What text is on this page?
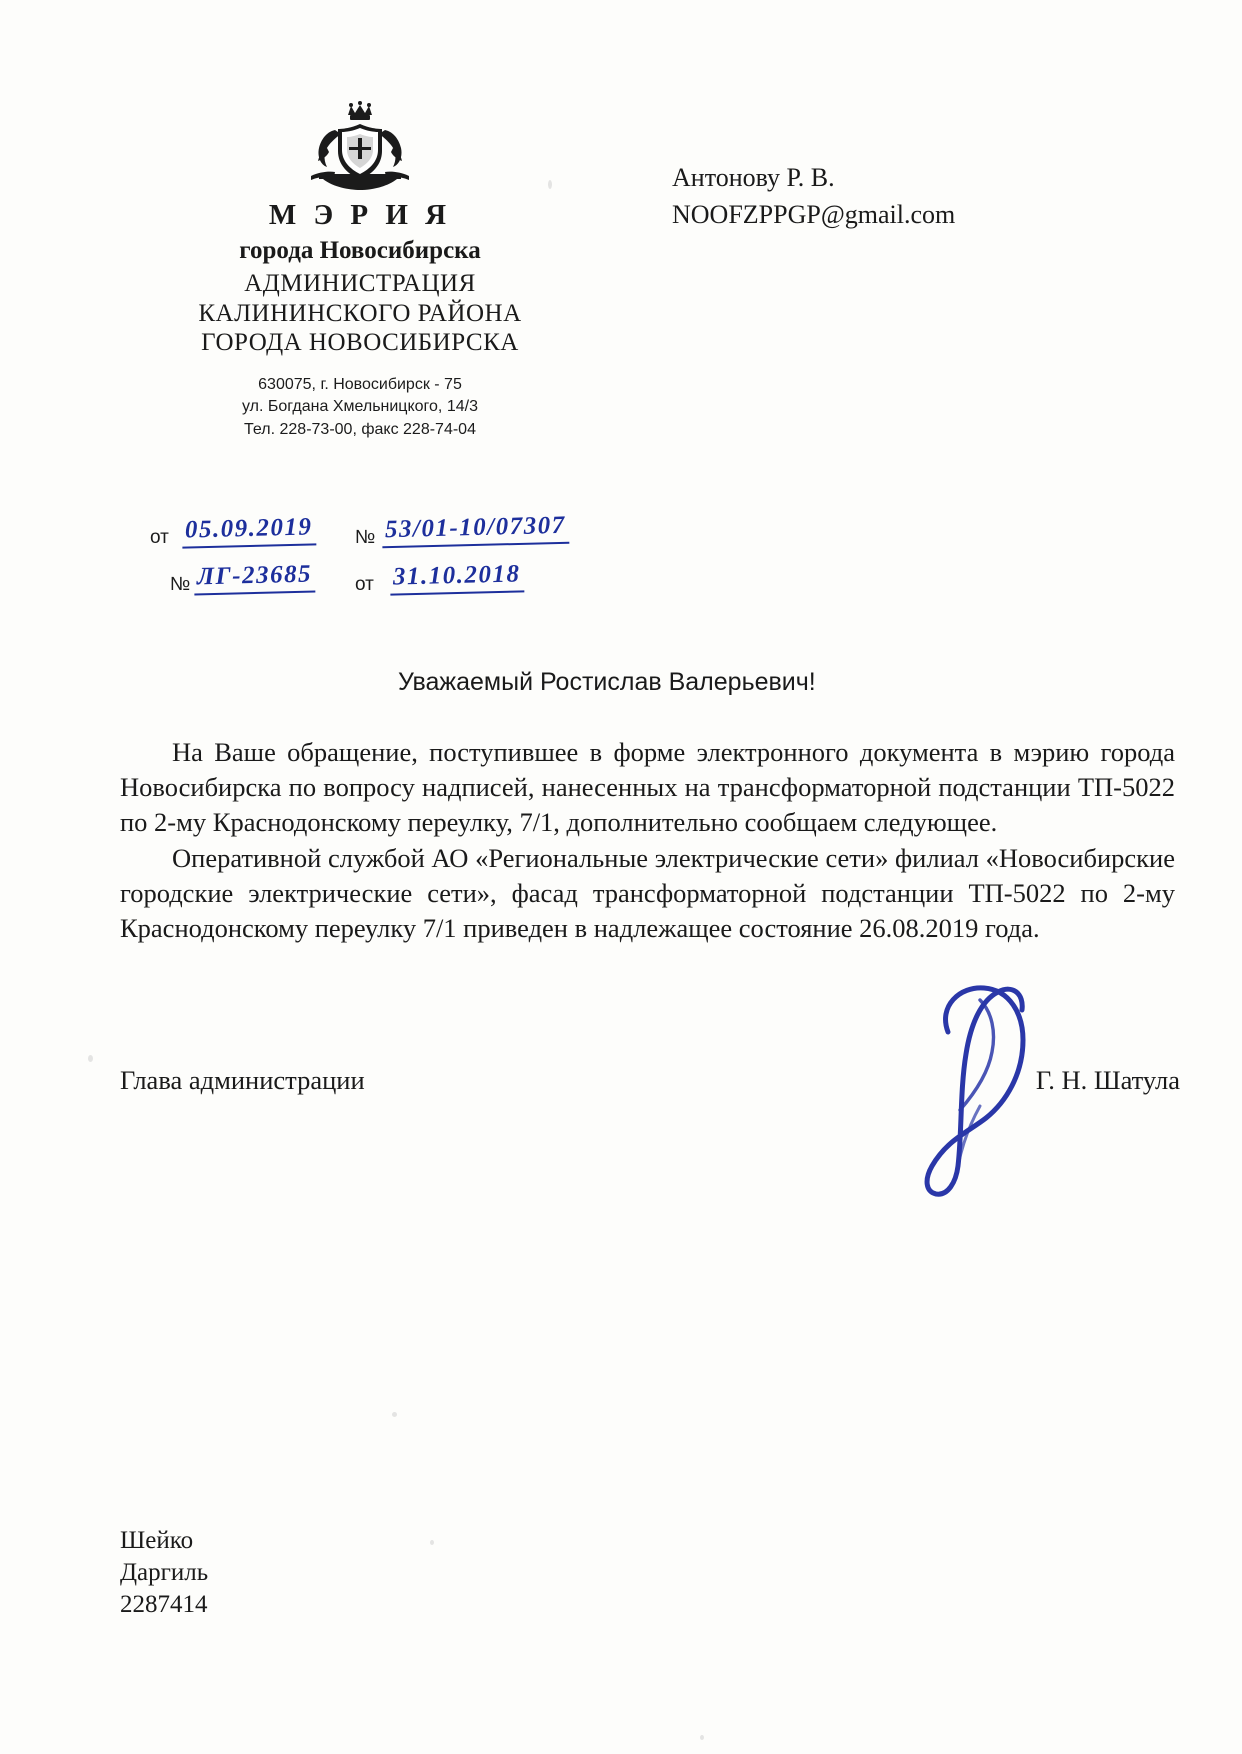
М Э Р И Я
города Новосибирска
АДМИНИСТРАЦИЯ
КАЛИНИНСКОГО РАЙОНА
ГОРОДА НОВОСИБИРСКА
630075, г. Новосибирск - 75
ул. Богдана Хмельницкого, 14/3
Тел. 228-73-00, факс 228-74-04
от 05.09.2019 № 53/01-10/07307
№ ЛГ-23685 от 31.10.2018
Антонову Р. В.
NOOFZPPGP@gmail.com
Уважаемый Ростислав Валерьевич!

На Ваше обращение, поступившее в форме электронного документа в мэрию города Новосибирска по вопросу надписей, нанесенных на трансформаторной подстанции ТП-5022 по 2-му Краснодонскому переулку, 7/1, дополнительно сообщаем следующее.

Оперативной службой АО «Региональные электрические сети» филиал «Новосибирские городские электрические сети», фасад трансформаторной подстанции ТП-5022 по 2-му Краснодонскому переулку 7/1 приведен в надлежащее состояние 26.08.2019 года.

Глава администрации	Г. Н. Шатула
Шейко
Даргиль
2287414
